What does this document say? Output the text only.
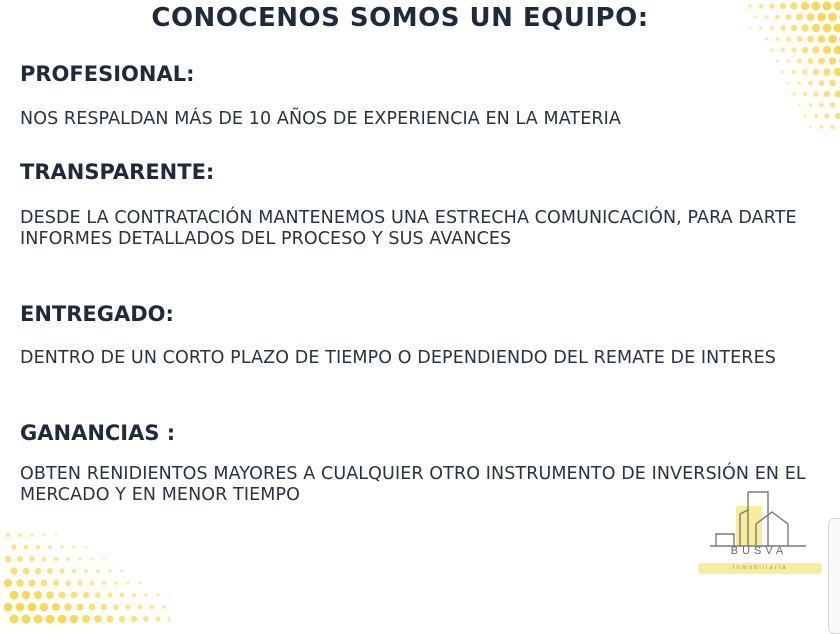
CONOCENOS SOMOS UN EQUIPO:
PROFESIONAL:

NOS RESPALDAN MÁS DE 10 AÑOS DE EXPERIENCIA EN LA MATERIA

TRANSPARENTE:

DESDE LA CONTRATACIÓN MANTENEMOS UNA ESTRECHA COMUNICACIÓN, PARA DARTE INFORMES DETALLADOS DEL PROCESO Y SUS AVANCES

ENTREGADO:

DENTRO DE UN CORTO PLAZO DE TIEMPO O DEPENDIENDO DEL REMATE DE INTERES

GANANCIAS :

OBTEN RENIDIENTOS MAYORES A CUALQUIER OTRO INSTRUMENTO DE INVERSIÓN EN EL MERCADO Y EN MENOR TIEMPO

BUSVA
Inmobiliaria
